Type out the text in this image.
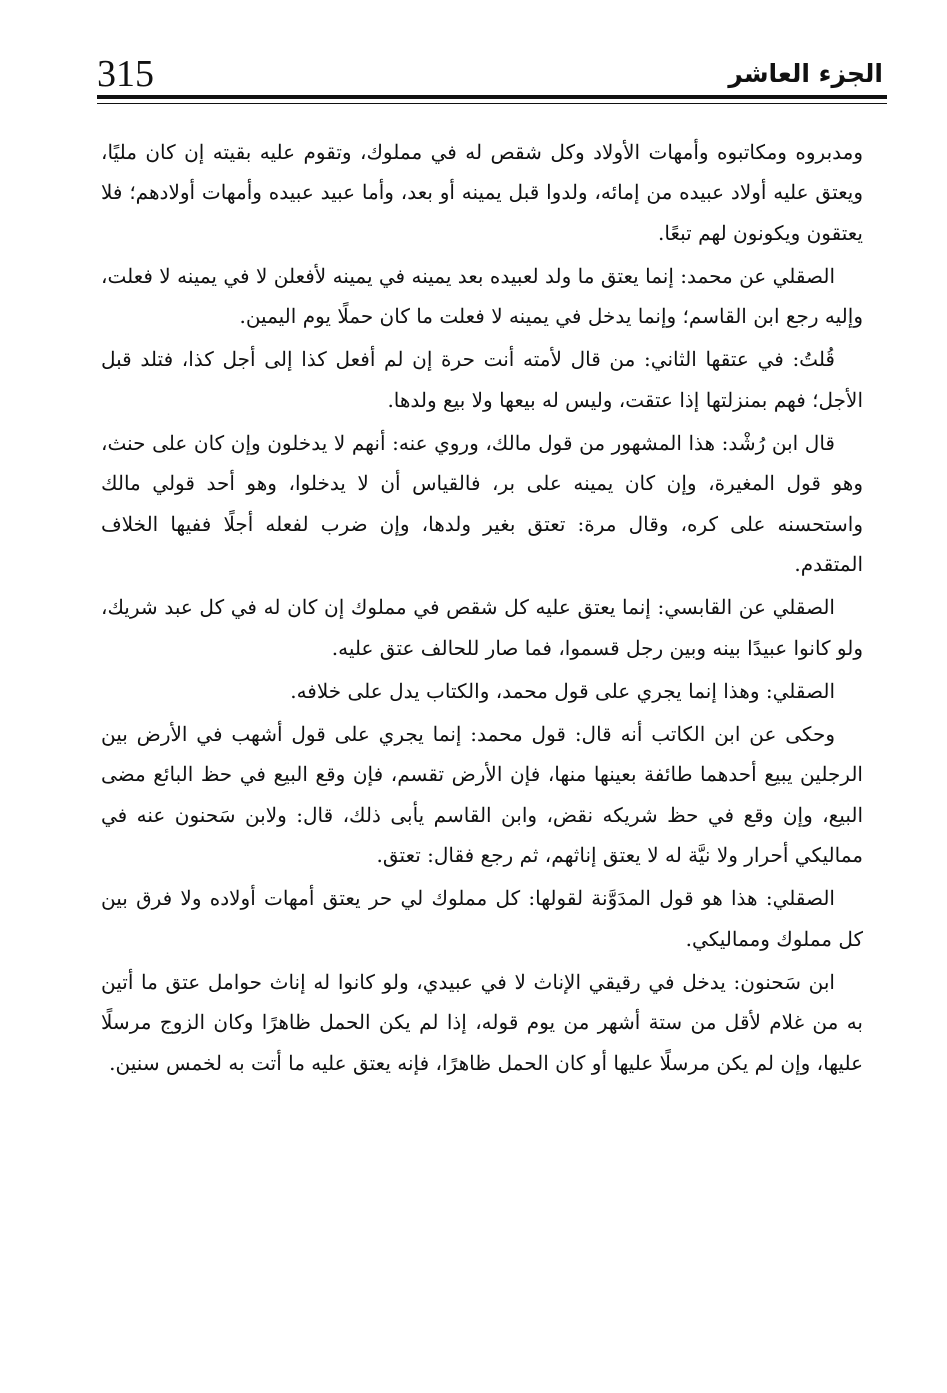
315	الجزء العاشر

ومدبروه ومكاتبوه وأمهات الأولاد وكل شقص له في مملوك، وتقوم عليه بقيته إن كان مليًا، ويعتق عليه أولاد عبيده من إمائه، ولدوا قبل يمينه أو بعد، وأما عبيد عبيده وأمهات أولادهم؛ فلا يعتقون ويكونون لهم تبعًا.

الصقلي عن محمد: إنما يعتق ما ولد لعبيده بعد يمينه في يمينه لأفعلن لا في يمينه لا فعلت، وإليه رجع ابن القاسم؛ وإنما يدخل في يمينه لا فعلت ما كان حملًا يوم اليمين.

قُلتُ: في عتقها الثاني: من قال لأمته أنت حرة إن لم أفعل كذا إلى أجل كذا، فتلد قبل الأجل؛ فهم بمنزلتها إذا عتقت، وليس له بيعها ولا بيع ولدها.

قال ابن رُشْد: هذا المشهور من قول مالك، وروي عنه: أنهم لا يدخلون وإن كان على حنث، وهو قول المغيرة، وإن كان يمينه على بر، فالقياس أن لا يدخلوا، وهو أحد قولي مالك واستحسنه على كره، وقال مرة: تعتق بغير ولدها، وإن ضرب لفعله أجلًا ففيها الخلاف المتقدم.

الصقلي عن القابسي: إنما يعتق عليه كل شقص في مملوك إن كان له في كل عبد شريك، ولو كانوا عبيدًا بينه وبين رجل قسموا، فما صار للحالف عتق عليه.

الصقلي: وهذا إنما يجري على قول محمد، والكتاب يدل على خلافه.

وحكى عن ابن الكاتب أنه قال: قول محمد: إنما يجري على قول أشهب في الأرض بين الرجلين يبيع أحدهما طائفة بعينها منها، فإن الأرض تقسم، فإن وقع البيع في حظ البائع مضى البيع، وإن وقع في حظ شريكه نقض، وابن القاسم يأبى ذلك، قال: ولابن سَحنون عنه في مماليكي أحرار ولا نيَّة له لا يعتق إناثهم، ثم رجع فقال: تعتق.

الصقلي: هذا هو قول المدَوَّنة لقولها: كل مملوك لي حر يعتق أمهات أولاده ولا فرق بين كل مملوك ومماليكي.

ابن سَحنون: يدخل في رقيقي الإناث لا في عبيدي، ولو كانوا له إناث حوامل عتق ما أتين به من غلام لأقل من ستة أشهر من يوم قوله، إذا لم يكن الحمل ظاهرًا وكان الزوج مرسلًا عليها، وإن لم يكن مرسلًا عليها أو كان الحمل ظاهرًا، فإنه يعتق عليه ما أتت به لخمس سنين.
